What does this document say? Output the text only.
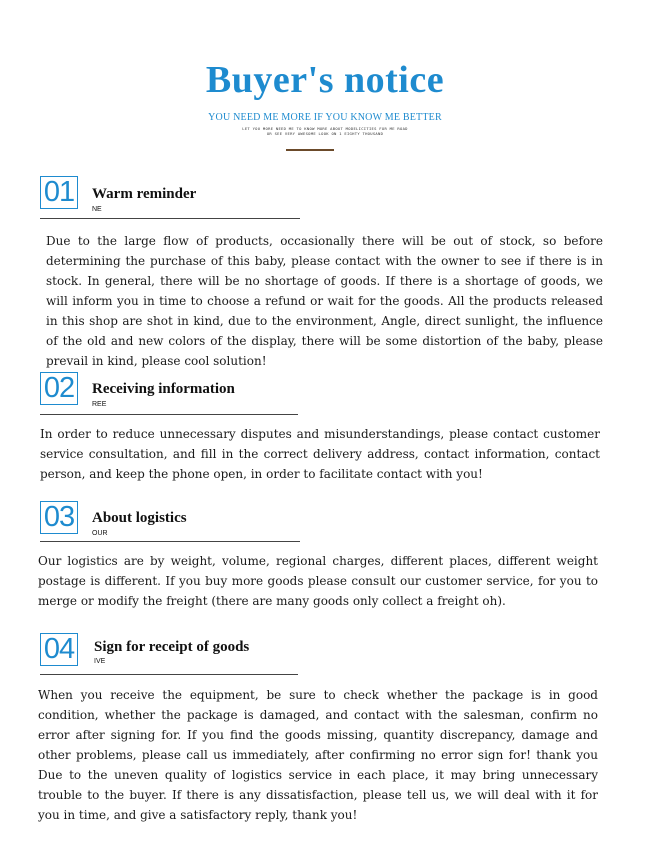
Buyer's notice
YOU NEED ME MORE IF YOU KNOW ME BETTER
LET YOU MORE NEED ME TO KNOW MORE ABOUT MODELICITIES FOR ME ROAD
OR SEE VERY AWESOME LOOK ON 1 EIGHTY THOUSAND
01 Warm reminder
NE
Due to the large flow of products, occasionally there will be out of stock, so before determining the purchase of this baby, please contact with the owner to see if there is in stock. In general, there will be no shortage of goods. If there is a shortage of goods, we will inform you in time to choose a refund or wait for the goods. All the products released in this shop are shot in kind, due to the environment, Angle, direct sunlight, the influence of the old and new colors of the display, there will be some distortion of the baby, please prevail in kind, please cool solution!
02 Receiving information
REE
In order to reduce unnecessary disputes and misunderstandings, please contact customer service consultation, and fill in the correct delivery address, contact information, contact person, and keep the phone open, in order to facilitate contact with you!
03 About logistics
OUR
Our logistics are by weight, volume, regional charges, different places, different weight postage is different. If you buy more goods please consult our customer service, for you to merge or modify the freight (there are many goods only collect a freight oh).
04 Sign for receipt of goods
IVE
When you receive the equipment, be sure to check whether the package is in good condition, whether the package is damaged, and contact with the salesman, confirm no error after signing for. If you find the goods missing, quantity discrepancy, damage and other problems, please call us immediately, after confirming no error sign for! thank you Due to the uneven quality of logistics service in each place, it may bring unnecessary trouble to the buyer. If there is any dissatisfaction, please tell us, we will deal with it for you in time, and give a satisfactory reply, thank you!
